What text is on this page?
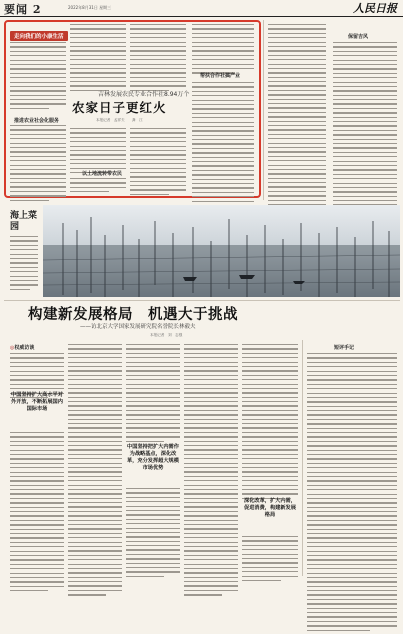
要闻 2	2022年8月31日 星期三	人民日报
走向我们的小康生活
推进农业社会化服务
吉林发展农民专业合作社8.94万个
农家日子更红火
本报记者　孟祥夫　　龚　江
以土地流转带农民
帮扶合作社搞产业
保留吉风
海上菜园
构建新发展格局　机遇大于挑战
——访北京大学国家发展研究院名誉院长林毅夫
本报记者　刘　志强
◎权威访谈
中国坚持扩大高水平对外开放，不断拓展国内国际市场
中国坚持把扩大内需作为战略基点，深化改革，充分发挥超大规模市场优势
深化改革，扩大内需，促进消费，构建新发展格局
短评手记
